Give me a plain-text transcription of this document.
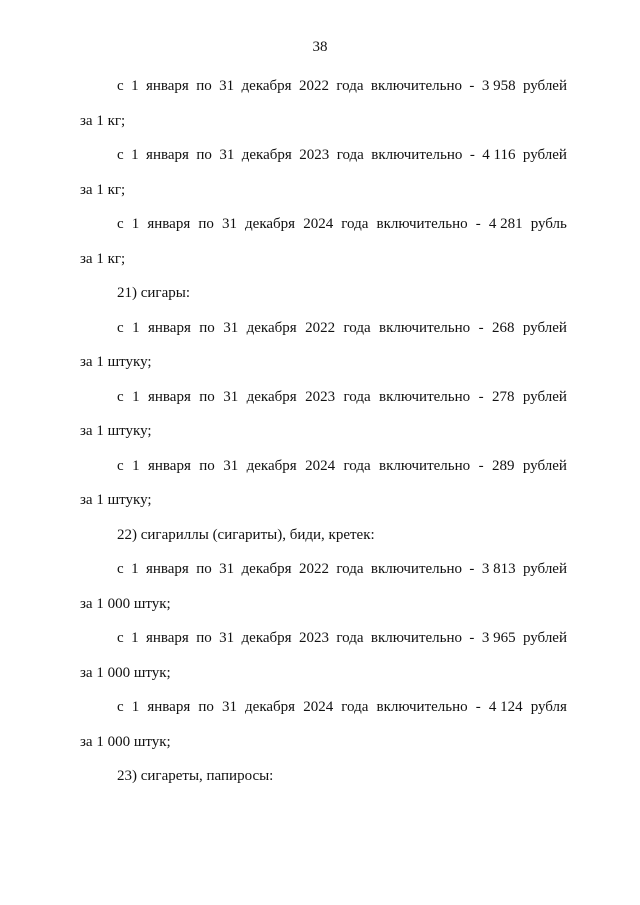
38
с 1 января по 31 декабря 2022 года включительно - 3 958 рублей
за 1 кг;
с 1 января по 31 декабря 2023 года включительно - 4 116 рублей
за 1 кг;
с 1 января по 31 декабря 2024 года включительно - 4 281 рубль
за 1 кг;
21) сигары:
с 1 января по 31 декабря 2022 года включительно - 268 рублей
за 1 штуку;
с 1 января по 31 декабря 2023 года включительно - 278 рублей
за 1 штуку;
с 1 января по 31 декабря 2024 года включительно - 289 рублей
за 1 штуку;
22) сигариллы (сигариты), биди, кретек:
с 1 января по 31 декабря 2022 года включительно - 3 813 рублей
за 1 000 штук;
с 1 января по 31 декабря 2023 года включительно - 3 965 рублей
за 1 000 штук;
с 1 января по 31 декабря 2024 года включительно - 4 124 рубля
за 1 000 штук;
23) сигареты, папиросы:
